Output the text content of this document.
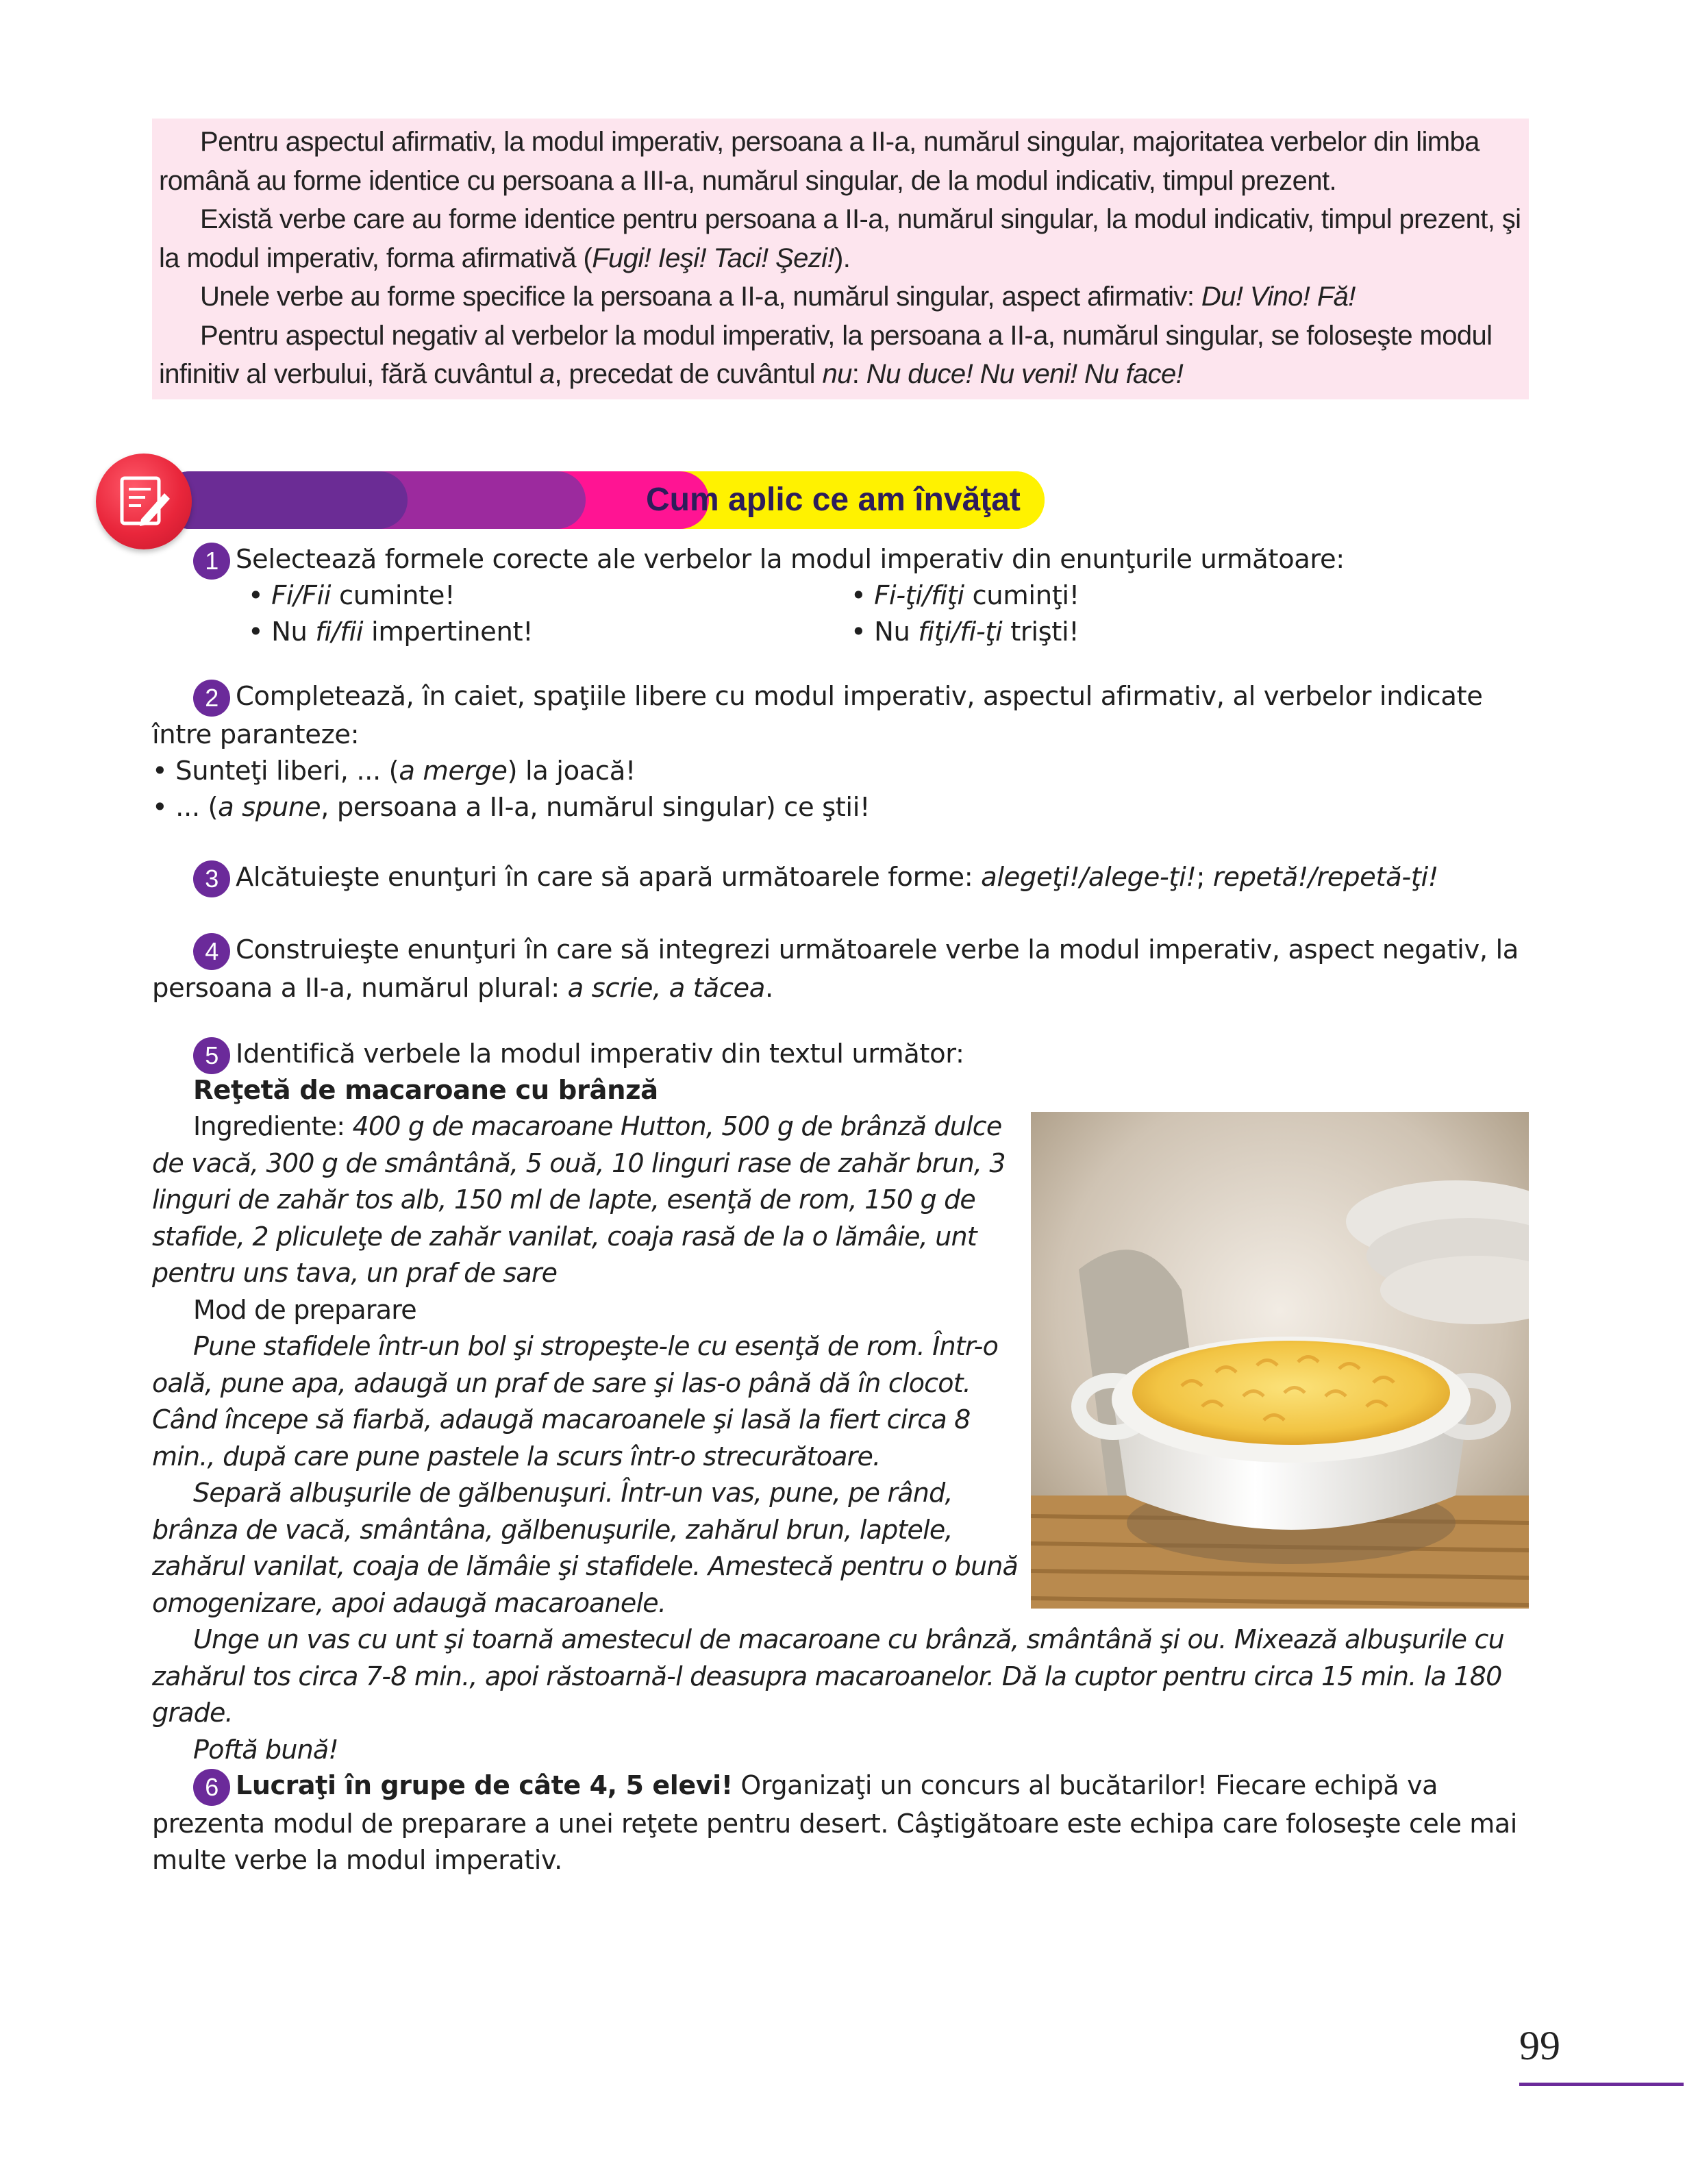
Pentru aspectul afirmativ, la modul imperativ, persoana a II-a, numărul singular, majoritatea verbelor din limba română au forme identice cu persoana a III-a, numărul singular, de la modul indicativ, timpul prezent.

Există verbe care au forme identice pentru persoana a II-a, numărul singular, la modul indicativ, timpul prezent, şi la modul imperativ, forma afirmativă (Fugi! Ieşi! Taci! Şezi!).

Unele verbe au forme specifice la persoana a II-a, numărul singular, aspect afirmativ: Du! Vino! Fă!

Pentru aspectul negativ al verbelor la modul imperativ, la persoana a II-a, numărul singular, se foloseşte modul infinitiv al verbului, fără cuvântul a, precedat de cuvântul nu: Nu duce! Nu veni! Nu face!

Cum aplic ce am învăţat
1 Selectează formele corecte ale verbelor la modul imperativ din enunţurile următoare:
• Fi/Fii cuminte!	• Fi-ţi/fiţi cuminţi!
• Nu fi/fii impertinent!	• Nu fiţi/fi-ţi trişti!
2 Completează, în caiet, spaţiile libere cu modul imperativ, aspectul afirmativ, al verbelor indicate între paranteze:
• Sunteţi liberi, ... (a merge) la joacă!
• ... (a spune, persoana a II-a, numărul singular) ce ştii!
3 Alcătuieşte enunţuri în care să apară următoarele forme: alegeţi!/alege-ţi!; repetă!/repetă-ţi!
4 Construieşte enunţuri în care să integrezi următoarele verbe la modul imperativ, aspect negativ, la persoana a II-a, numărul plural: a scrie, a tăcea.
5 Identifică verbele la modul imperativ din textul următor:
Reţetă de macaroane cu brânză

Ingrediente: 400 g de macaroane Hutton, 500 g de brânză dulce de vacă, 300 g de smântână, 5 ouă, 10 linguri rase de zahăr brun, 3 linguri de zahăr tos alb, 150 ml de lapte, esenţă de rom, 150 g de stafide, 2 pliculeţe de zahăr vanilat, coaja rasă de la o lămâie, unt pentru uns tava, un praf de sare

Mod de preparare

Pune stafidele într-un bol şi stropeşte-le cu esenţă de rom. Într-o oală, pune apa, adaugă un praf de sare şi las-o până dă în clocot. Când începe să fiarbă, adaugă macaroanele şi lasă la fiert circa 8 min., după care pune pastele la scurs într-o strecurătoare.

Separă albuşurile de gălbenuşuri. Într-un vas, pune, pe rând, brânza de vacă, smântâna, gălbenuşurile, zahărul brun, laptele, zahărul vanilat, coaja de lămâie şi stafidele. Amestecă pentru o bună omogenizare, apoi adaugă macaroanele.

Unge un vas cu unt şi toarnă amestecul de macaroane cu brânză, smântână şi ou. Mixează albuşurile cu zahărul tos circa 7-8 min., apoi răstoarnă-l deasupra macaroanelor. Dă la cuptor pentru circa 15 min. la 180 grade.

Poftă bună!

6 Lucraţi în grupe de câte 4, 5 elevi! Organizaţi un concurs al bucătarilor! Fiecare echipă va prezenta modul de preparare a unei reţete pentru desert. Câştigătoare este echipa care foloseşte cele mai multe verbe la modul imperativ.
99
